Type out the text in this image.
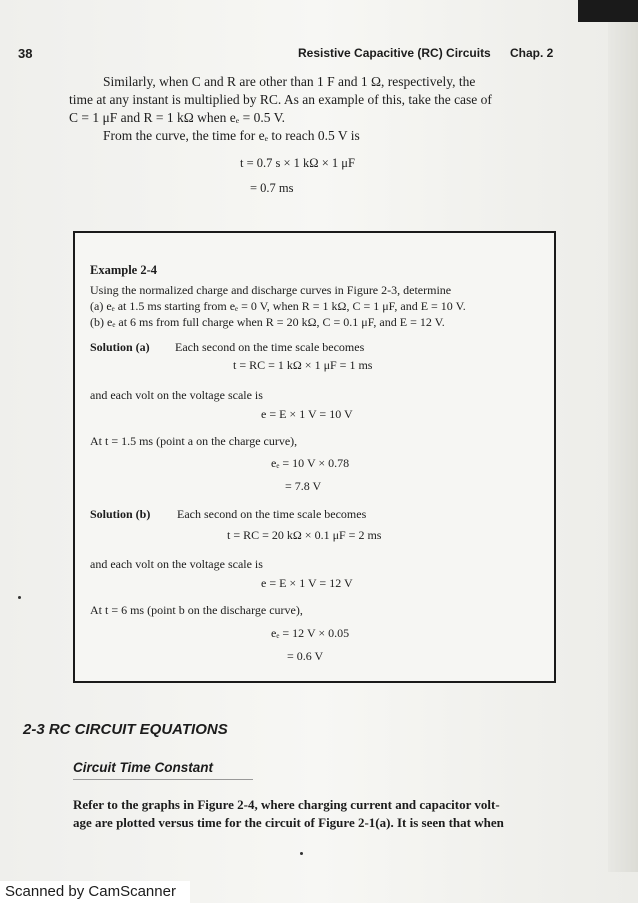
38	Resistive Capacitive (RC) Circuits Chap. 2
Similarly, when C and R are other than 1 F and 1 Ω, respectively, the
time at any instant is multiplied by RC. As an example of this, take the case of
C = 1 μF and R = 1 kΩ when eₑ = 0.5 V.
From the curve, the time for eₑ to reach 0.5 V is
t = 0.7 s × 1 kΩ × 1 μF
= 0.7 ms
Example 2-4
Using the normalized charge and discharge curves in Figure 2-3, determine
(a) eₑ at 1.5 ms starting from eₑ = 0 V, when R = 1 kΩ, C = 1 μF, and E = 10 V.
(b) eₑ at 6 ms from full charge when R = 20 kΩ, C = 0.1 μF, and E = 12 V.
Solution (a) Each second on the time scale becomes
t = RC = 1 kΩ × 1 μF = 1 ms
and each volt on the voltage scale is
e = E × 1 V = 10 V
At t = 1.5 ms (point a on the charge curve),
eₑ = 10 V × 0.78
= 7.8 V
Solution (b) Each second on the time scale becomes
t = RC = 20 kΩ × 0.1 μF = 2 ms
and each volt on the voltage scale is
e = E × 1 V = 12 V
At t = 6 ms (point b on the discharge curve),
eₑ = 12 V × 0.05
= 0.6 V
2-3 RC CIRCUIT EQUATIONS
Circuit Time Constant
Refer to the graphs in Figure 2-4, where charging current and capacitor volt-
age are plotted versus time for the circuit of Figure 2-1(a). It is seen that when
Scanned by CamScanner
